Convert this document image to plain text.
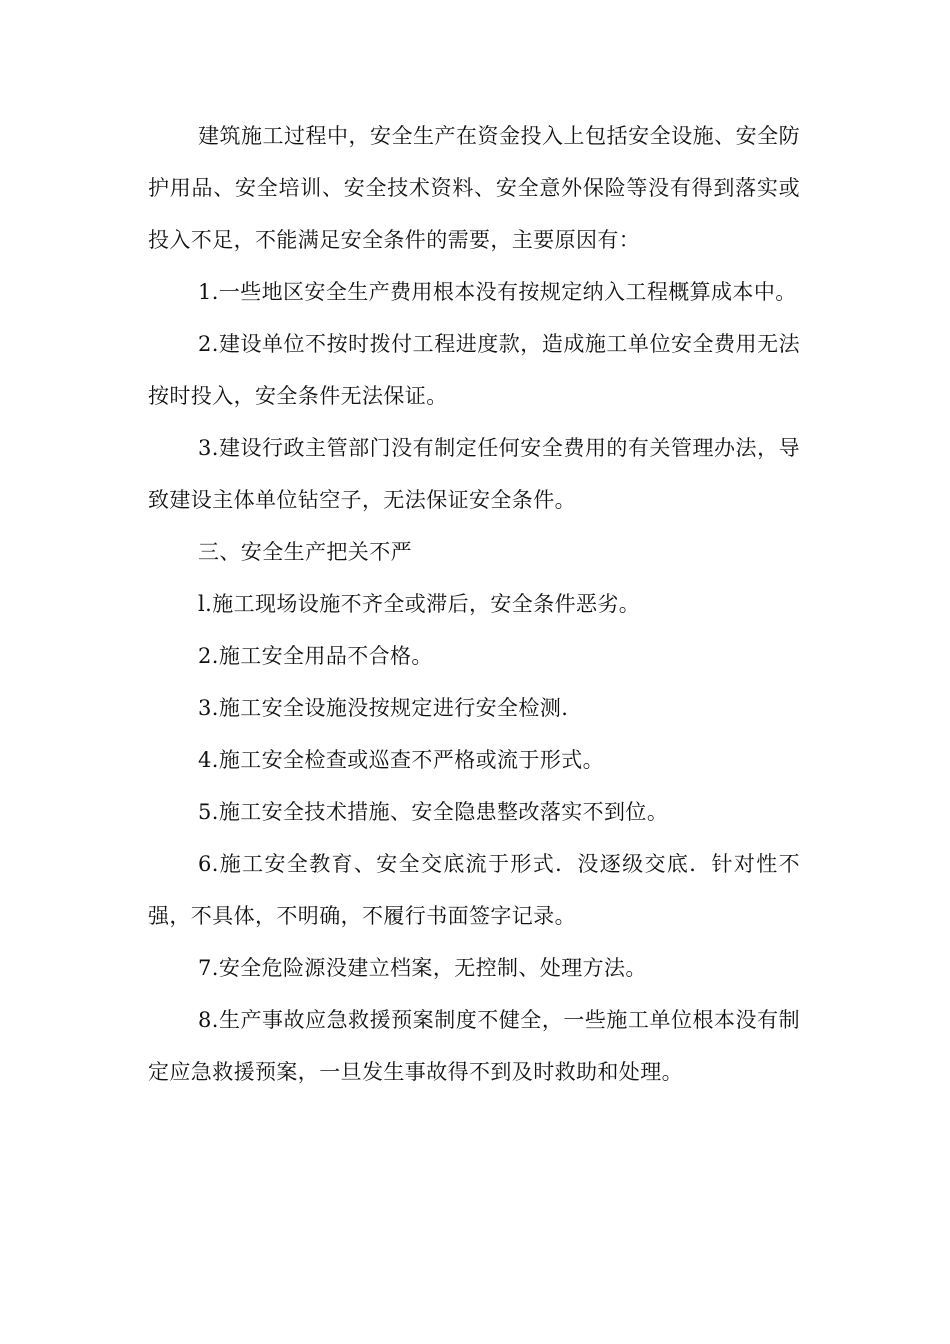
建筑施工过程中，安全生产在资金投入上包括安全设施、安全防护用品、安全培训、安全技术资料、安全意外保险等没有得到落实或投入不足，不能满足安全条件的需要，主要原因有：

1.一些地区安全生产费用根本没有按规定纳入工程概算成本中。

2.建设单位不按时拨付工程进度款，造成施工单位安全费用无法按时投入，安全条件无法保证。

3.建设行政主管部门没有制定任何安全费用的有关管理办法，导致建设主体单位钻空子，无法保证安全条件。

三、安全生产把关不严

l.施工现场设施不齐全或滞后，安全条件恶劣。

2.施工安全用品不合格。

3.施工安全设施没按规定进行安全检测.

4.施工安全检查或巡查不严格或流于形式。

5.施工安全技术措施、安全隐患整改落实不到位。

6.施工安全教育、安全交底流于形式．没逐级交底．针对性不强，不具体，不明确，不履行书面签字记录。

7.安全危险源没建立档案，无控制、处理方法。

8.生产事故应急救援预案制度不健全，一些施工单位根本没有制定应急救援预案，一旦发生事故得不到及时救助和处理。
